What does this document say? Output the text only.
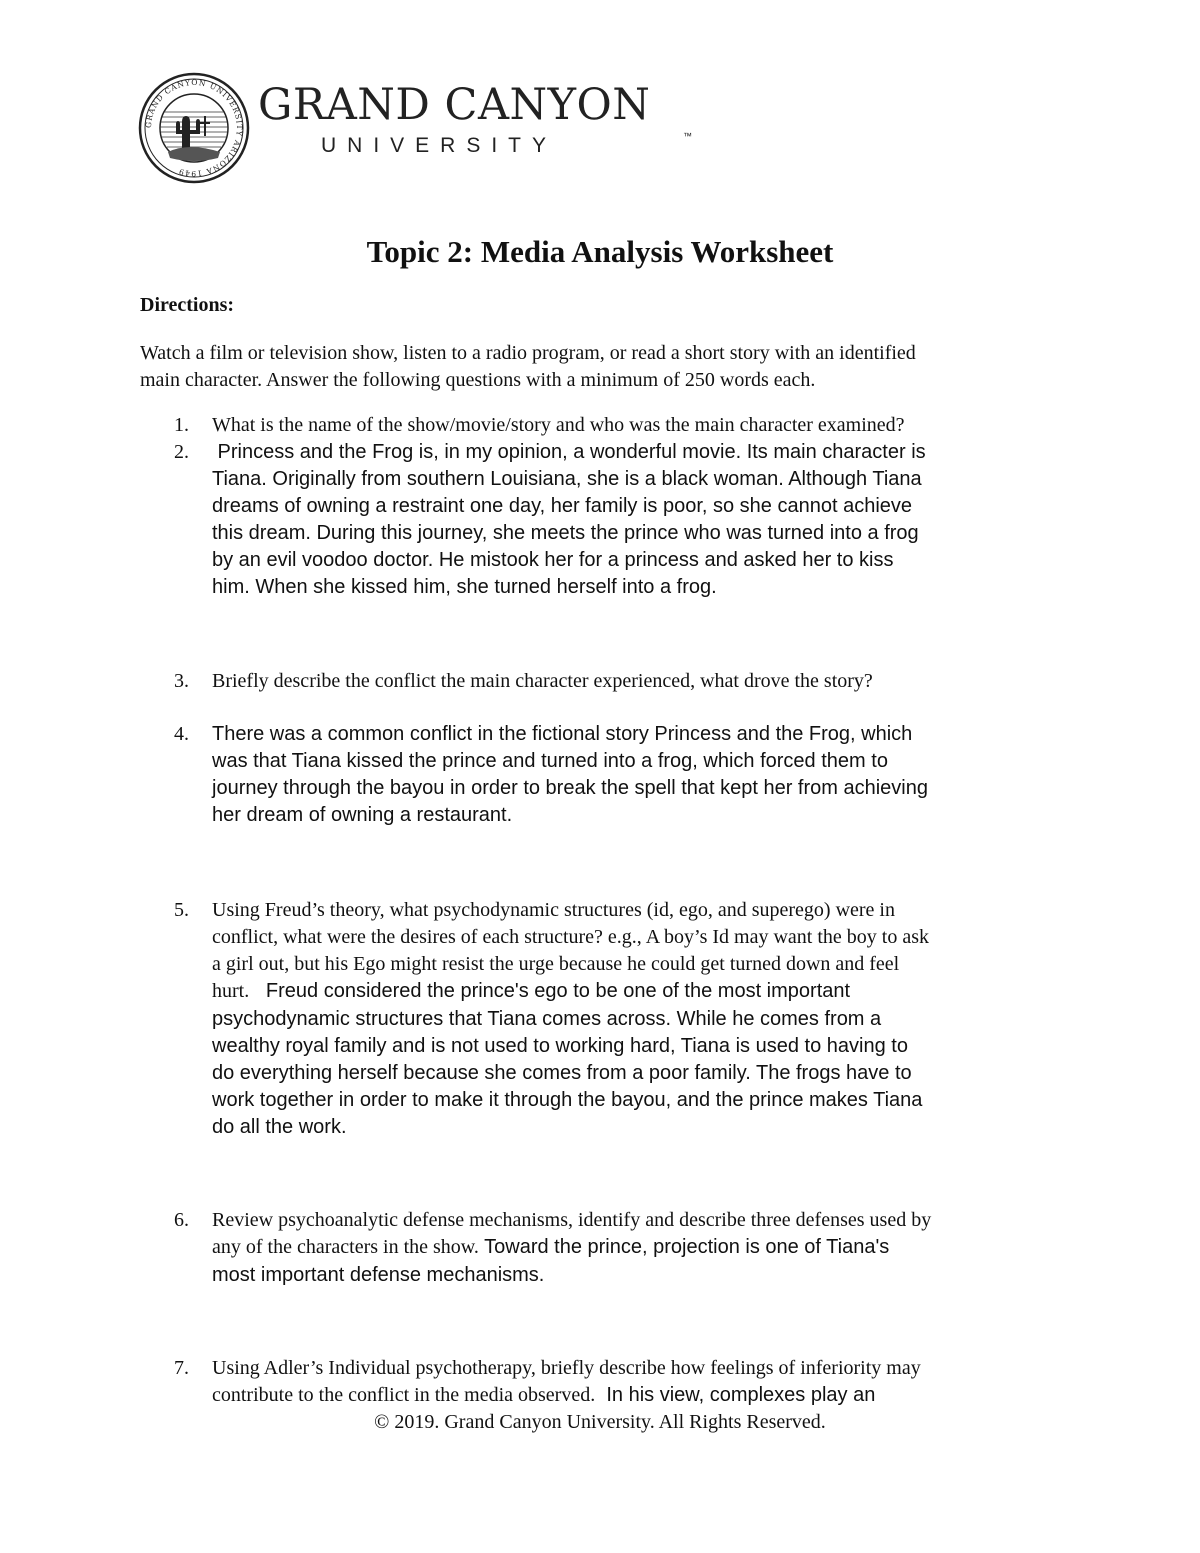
GRAND CANYON UNIVERSITY ARIZONA 1949
GRAND CANYON
UNIVERSITY	™
Topic 2: Media Analysis Worksheet
Directions:
Watch a film or television show, listen to a radio program, or read a short story with an identified
main character. Answer the following questions with a minimum of 250 words each.
1.	What is the name of the show/movie/story and who was the main character examined?
2.	Princess and the Frog is, in my opinion, a wonderful movie. Its main character is
Tiana. Originally from southern Louisiana, she is a black woman. Although Tiana
dreams of owning a restraint one day, her family is poor, so she cannot achieve
this dream. During this journey, she meets the prince who was turned into a frog
by an evil voodoo doctor. He mistook her for a princess and asked her to kiss
him. When she kissed him, she turned herself into a frog.
3.	Briefly describe the conflict the main character experienced, what drove the story?
4.	There was a common conflict in the fictional story Princess and the Frog, which
was that Tiana kissed the prince and turned into a frog, which forced them to
journey through the bayou in order to break the spell that kept her from achieving
her dream of owning a restaurant.
5.	Using Freud’s theory, what psychodynamic structures (id, ego, and superego) were in
conflict, what were the desires of each structure? e.g., A boy’s Id may want the boy to ask
a girl out, but his Ego might resist the urge because he could get turned down and feel
hurt.   Freud considered the prince's ego to be one of the most important
psychodynamic structures that Tiana comes across. While he comes from a
wealthy royal family and is not used to working hard, Tiana is used to having to
do everything herself because she comes from a poor family. The frogs have to
work together in order to make it through the bayou, and the prince makes Tiana
do all the work.
6.	Review psychoanalytic defense mechanisms, identify and describe three defenses used by
any of the characters in the show. Toward the prince, projection is one of Tiana's
most important defense mechanisms.
7.	Using Adler’s Individual psychotherapy, briefly describe how feelings of inferiority may
contribute to the conflict in the media observed.  In his view, complexes play an
© 2019. Grand Canyon University. All Rights Reserved.
